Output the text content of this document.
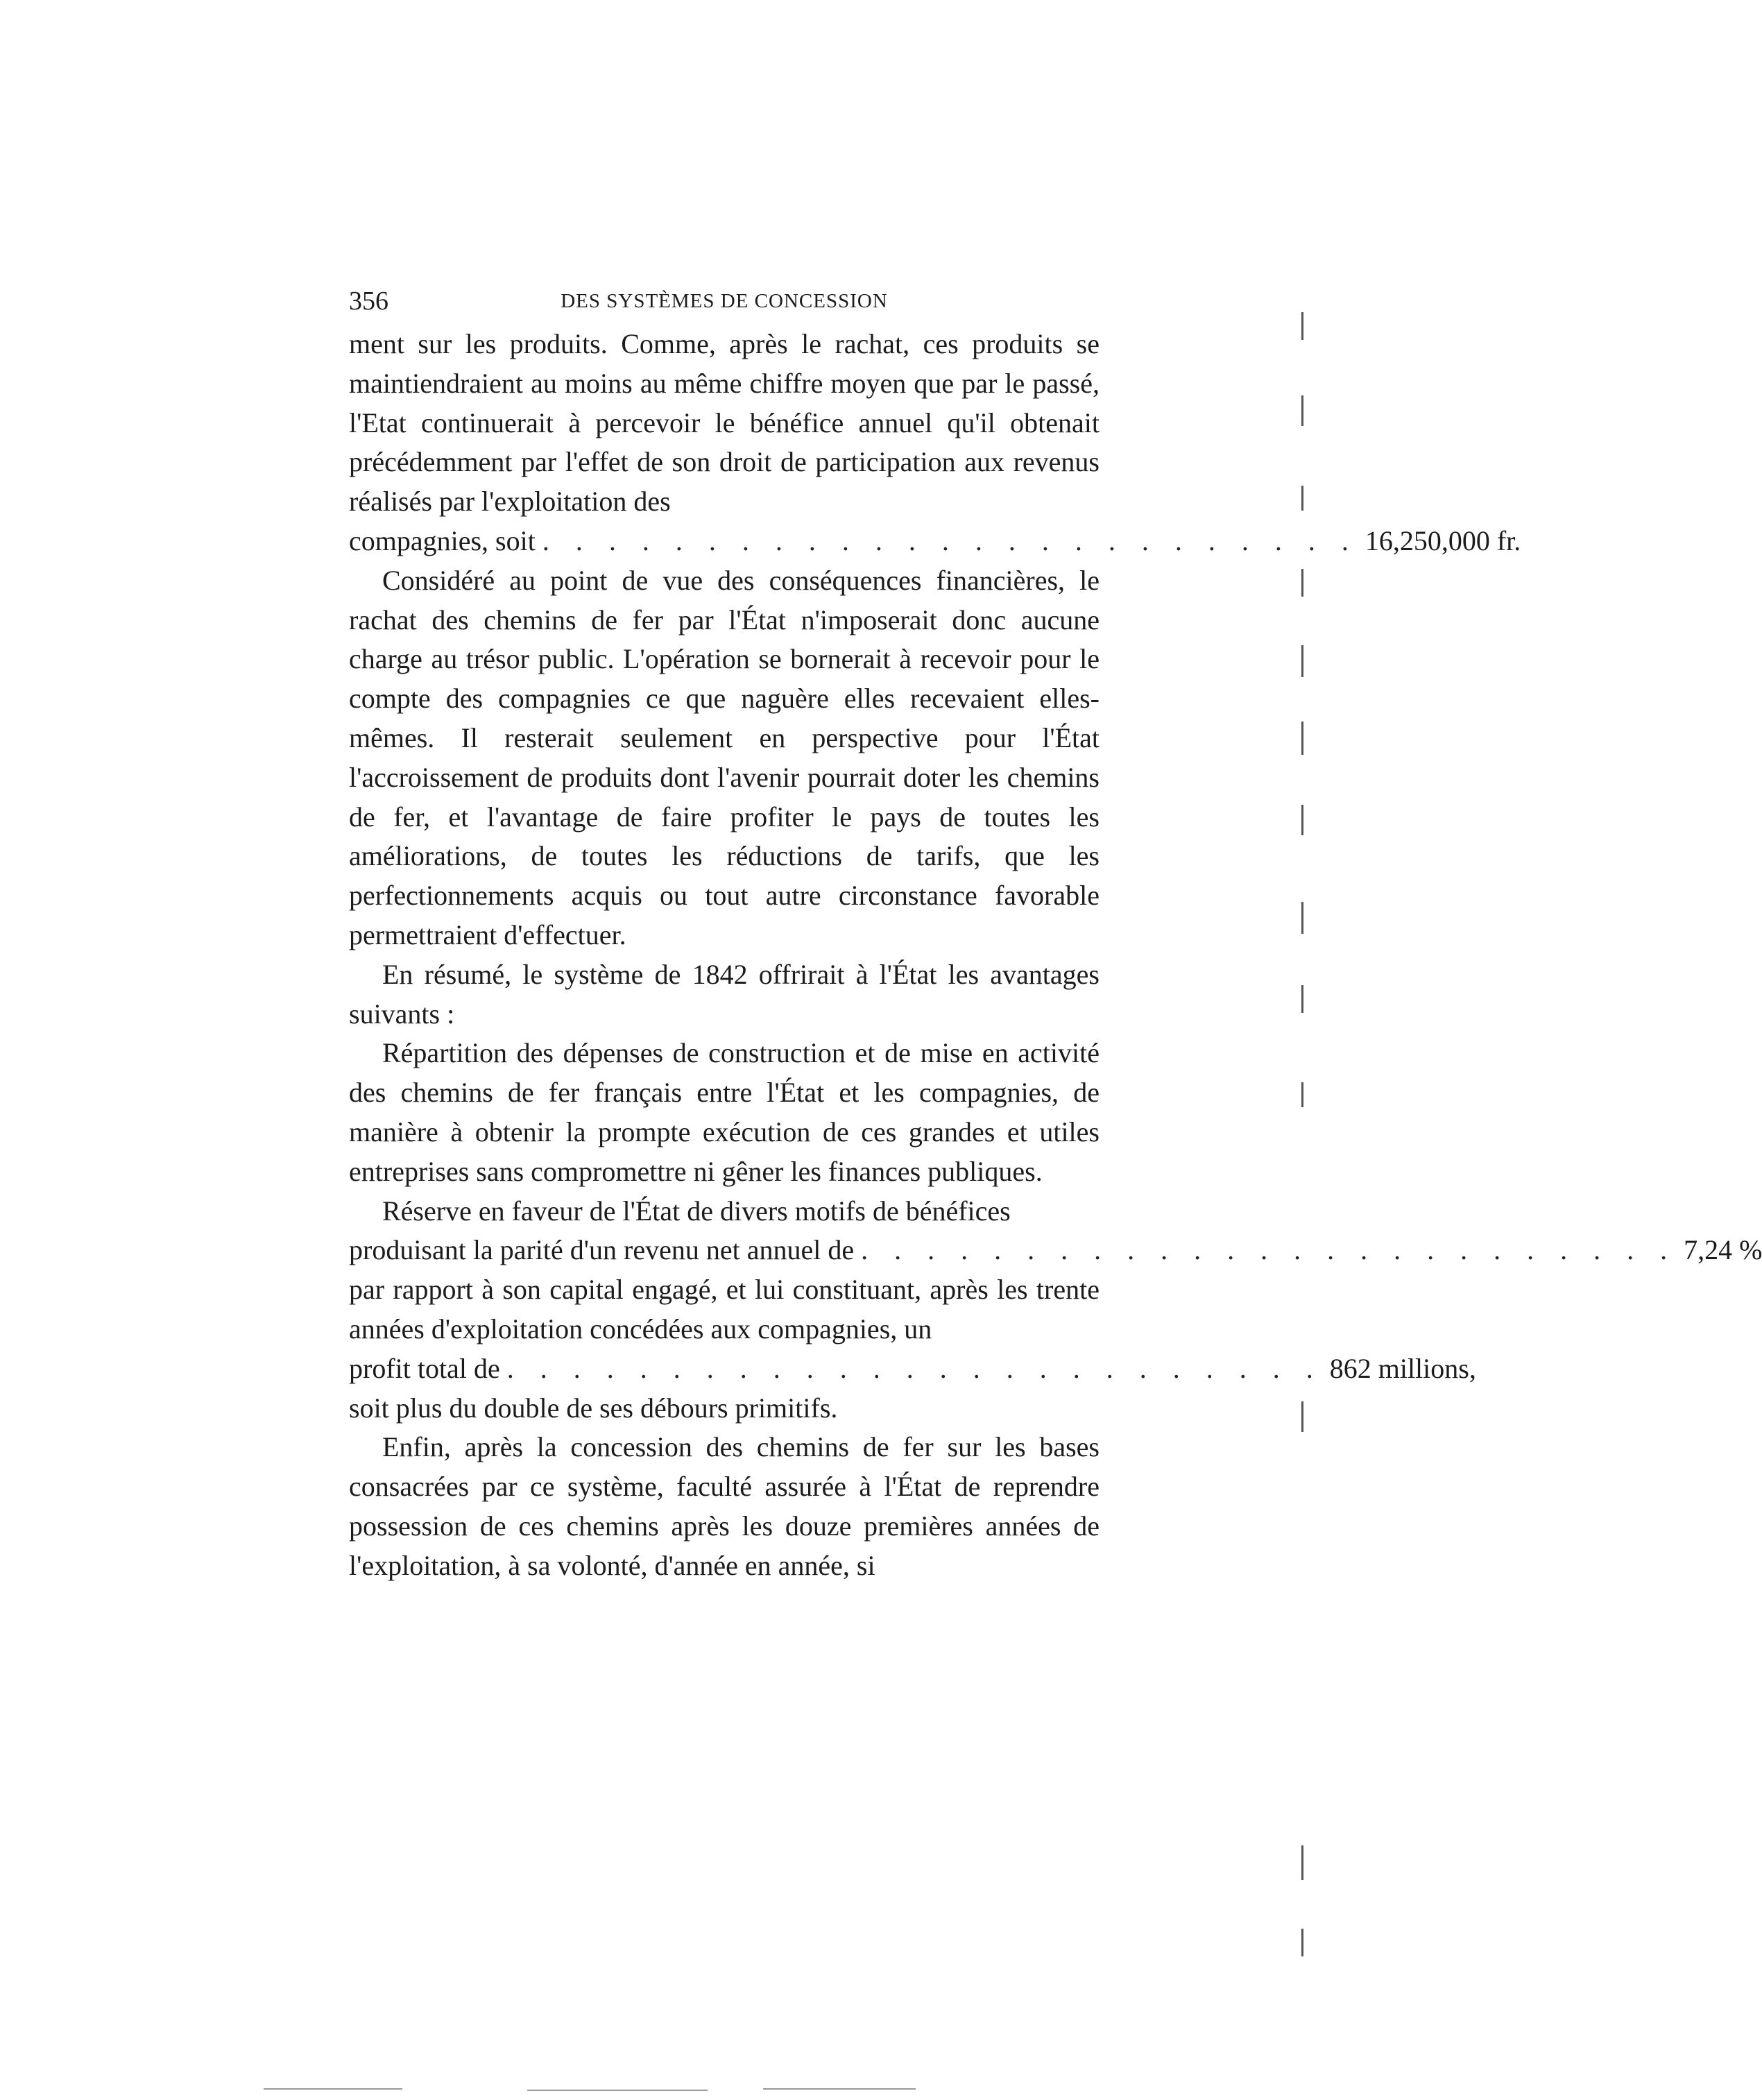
356	DES SYSTÈMES DE CONCESSION

ment sur les produits. Comme, après le rachat, ces produits se maintiendraient au moins au même chiffre moyen que par le passé, l'Etat continuerait à percevoir le bénéfice annuel qu'il obtenait précédemment par l'effet de son droit de participation aux revenus réalisés par l'exploitation des

compagnies, soit . . . . . . . . . . . . . . . . . . . . . . . . . 16,250,000 fr.

Considéré au point de vue des conséquences financières, le rachat des chemins de fer par l'État n'imposerait donc aucune charge au trésor public. L'opération se bornerait à recevoir pour le compte des compagnies ce que naguère elles recevaient elles-mêmes. Il resterait seulement en perspective pour l'État l'accroissement de produits dont l'avenir pourrait doter les chemins de fer, et l'avantage de faire profiter le pays de toutes les améliorations, de toutes les réductions de tarifs, que les perfectionnements acquis ou tout autre circonstance favorable permettraient d'effectuer.

En résumé, le système de 1842 offrirait à l'État les avantages suivants :

Répartition des dépenses de construction et de mise en activité des chemins de fer français entre l'État et les compagnies, de manière à obtenir la prompte exécution de ces grandes et utiles entreprises sans compromettre ni gêner les finances publiques.

Réserve en faveur de l'État de divers motifs de bénéfices

produisant la parité d'un revenu net annuel de . . . . . . . . . . . . . . . . . . . . . . . . . 7,24 %

par rapport à son capital engagé, et lui constituant, après les trente années d'exploitation concédées aux compagnies, un

profit total de . . . . . . . . . . . . . . . . . . . . . . . . . 862 millions,

soit plus du double de ses débours primitifs.

Enfin, après la concession des chemins de fer sur les bases consacrées par ce système, faculté assurée à l'État de reprendre possession de ces chemins après les douze premières années de l'exploitation, à sa volonté, d'année en année, si
